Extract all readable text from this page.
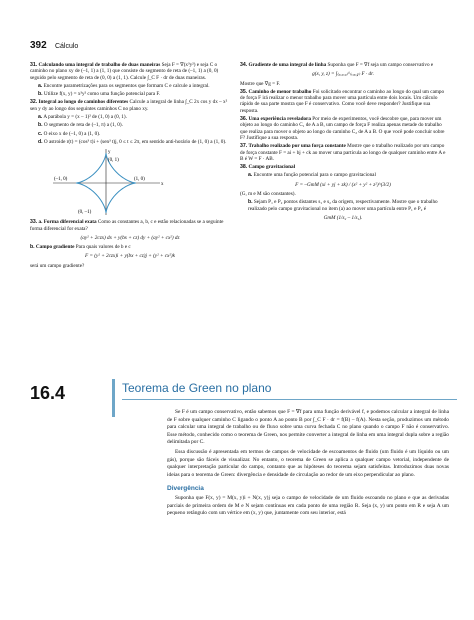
392 Cálculo
31. Calculando uma integral de trabalho de duas maneiras Seja F = ∇(x³y²) e seja C o caminho no plano xy de (–1, 1) a (1, 1) que consiste do segmento de reta de (–1, 1) a (0, 0) seguido pelo segmento de reta de (0, 0) a (1, 1). Calcule ∫_C F · dr de duas maneiras.
a. Encontre parametrizações para os segmentos que formam C e calcule a integral.
b. Utilize f(x, y) = x³y² como uma função potencial para F.
32. Integral ao longo de caminhos diferentes Calcule a integral de linha ∫_C 2x cos y dx – x² sen y dy ao longo dos seguintes caminhos C no plano xy.
a. A parábola y = (x – 1)² de (1, 0) a (0, 1).
b. O segmento de reta de (–1, π) a (1, 0).
c. O eixo x de (–1, 0) a (1, 0).
d. O astroide r(t) = (cos³ t)i + (sen³ t)j, 0 ≤ t ≤ 2π, em sentido anti-horário de (1, 0) a (1, 0).
y
x
(0, 1)
(–1, 0)	(1, 0)
(0, –1)
33. a. Forma diferencial exata Como as constantes a, b, c e estão relacionadas se a seguinte forma diferencial for exata?
(ay² + 2czx) dx + y(bx + cz) dy + (ay² + cx²) dz
b. Campo gradiente Para quais valores de b e c
F = (y² + 2czx)i + y(bx + cz)j + (y² + cx²)k
será um campo gradiente?
34. Gradiente de uma integral de linha Suponha que F = ∇f seja um campo conservativo e
g(x, y, z) = ∫₍₀,₀,₀₎^₍ₓ,ᵧ,𝓏₎ F · dr.
Mostre que ∇g = F.
35. Caminho de menor trabalho Foi solicitado encontrar o caminho ao longo do qual um campo de força F irá realizar o menor trabalho para mover uma partícula entre dois locais. Um cálculo rápido de sua parte mostra que F é conservativo. Como você deve responder? Justifique sua resposta.
36. Uma experiência reveladora Por meio de experimentos, você descobre que, para mover um objeto ao longo do caminho C₁ de A a B, um campo de força F realiza apenas metade do trabalho que realiza para mover o objeto ao longo do caminho C₂ de A a B. O que você pode concluir sobre F? Justifique a sua resposta.
37. Trabalho realizado por uma força constante Mostre que o trabalho realizado por um campo de força constante F = ai + bj + ck ao mover uma partícula ao longo de qualquer caminho entre A e B é W = F · AB.
38. Campo gravitacional
a. Encontre uma função potencial para o campo gravitacional
F = –GmM (xi + yj + zk) / (x² + y² + z²)^(3/2)
(G, m e M são constantes).
b. Sejam P₁ e P₂ pontos distantes s₁ e s₂ da origem, respectivamente. Mostre que o trabalho realizado pelo campo gravitacional no item (a) ao mover uma partícula entre P₁ e P₂ é
GmM (1/s₂ – 1/s₁).
16.4	Teorema de Green no plano

Se F é um campo conservativo, então sabemos que F = ∇f para uma função derivável f, e podemos calcular a integral de linha de F sobre qualquer caminho C ligando o ponto A ao ponto B por ∫_C F · dr = f(B) – f(A). Nesta seção, produzimos um método para calcular uma integral de trabalho ou de fluxo sobre uma curva fechada C no plano quando o campo F não é conservativo. Esse método, conhecido como o teorema de Green, nos permite converter a integral de linha em uma integral dupla sobre a região delimitada por C.

Essa discussão é apresentada em termos de campos de velocidade de escoamentos de fluido (um fluido é um líquido ou um gás), porque são fáceis de visualizar. No entanto, o teorema de Green se aplica a qualquer campo vetorial, independente de qualquer interpretação particular do campo, contanto que as hipóteses do teorema sejam satisfeitas. Introduzimos duas novas ideias para o teorema de Green: divergência e densidade de circulação ao redor de um eixo perpendicular ao plano.

Divergência

Suponha que F(x, y) = M(x, y)i + N(x, y)j seja o campo de velocidade de um fluido escoando no plano e que as derivadas parciais de primeira ordem de M e N sejam contínuas em cada ponto de uma região R. Seja (x, y) um ponto em R e seja A um pequeno retângulo com um vértice em (x, y) que, juntamente com seu interior, está
